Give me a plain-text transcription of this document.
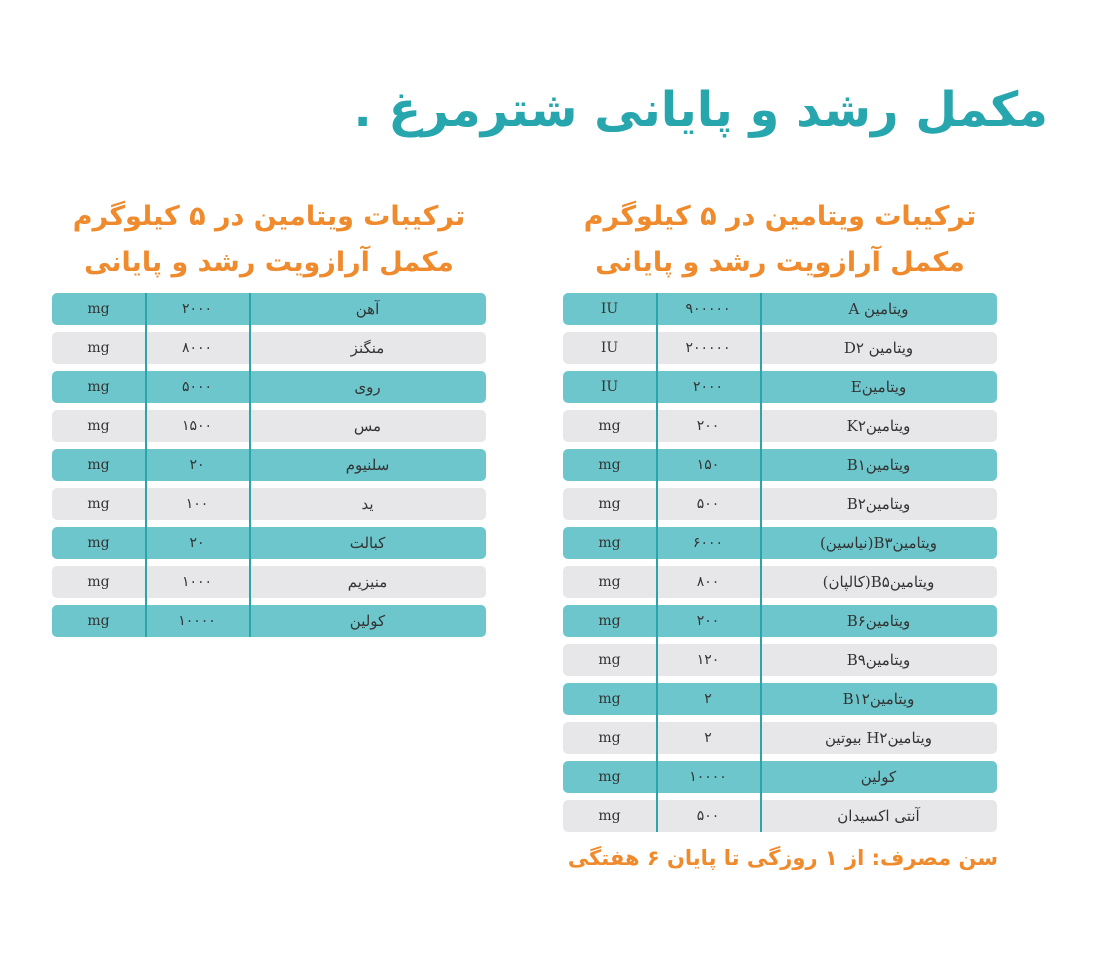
مکمل رشد و پایانی شترمرغ .
ترکیبات ویتامین در ۵ کیلوگرم
مکمل آرازویت رشد و پایانی
IU	۹۰۰۰۰۰	ویتامین A
IU	۲۰۰۰۰۰	ویتامین D۲
IU	۲۰۰۰	ویتامینE
mg	۲۰۰	ویتامینK۲
mg	۱۵۰	ویتامینB۱
mg	۵۰۰	ویتامینB۲
mg	۶۰۰۰	ویتامینB۳(نیاسین)
mg	۸۰۰	ویتامینB۵(کالپان)
mg	۲۰۰	ویتامینB۶
mg	۱۲۰	ویتامینB۹
mg	۲	ویتامینB۱۲
mg	۲	ویتامینH۲ بیوتین
mg	۱۰۰۰۰	کولین
mg	۵۰۰	آنتی اکسیدان
ترکیبات ویتامین در ۵ کیلوگرم
مکمل آرازویت رشد و پایانی
mg	۲۰۰۰	آهن
mg	۸۰۰۰	منگنز
mg	۵۰۰۰	روی
mg	۱۵۰۰	مس
mg	۲۰	سلنیوم
mg	۱۰۰	ید
mg	۲۰	کبالت
mg	۱۰۰۰	منیزیم
mg	۱۰۰۰۰	کولین
سن مصرف: از ۱ روزگی تا پایان ۶ هفتگی
